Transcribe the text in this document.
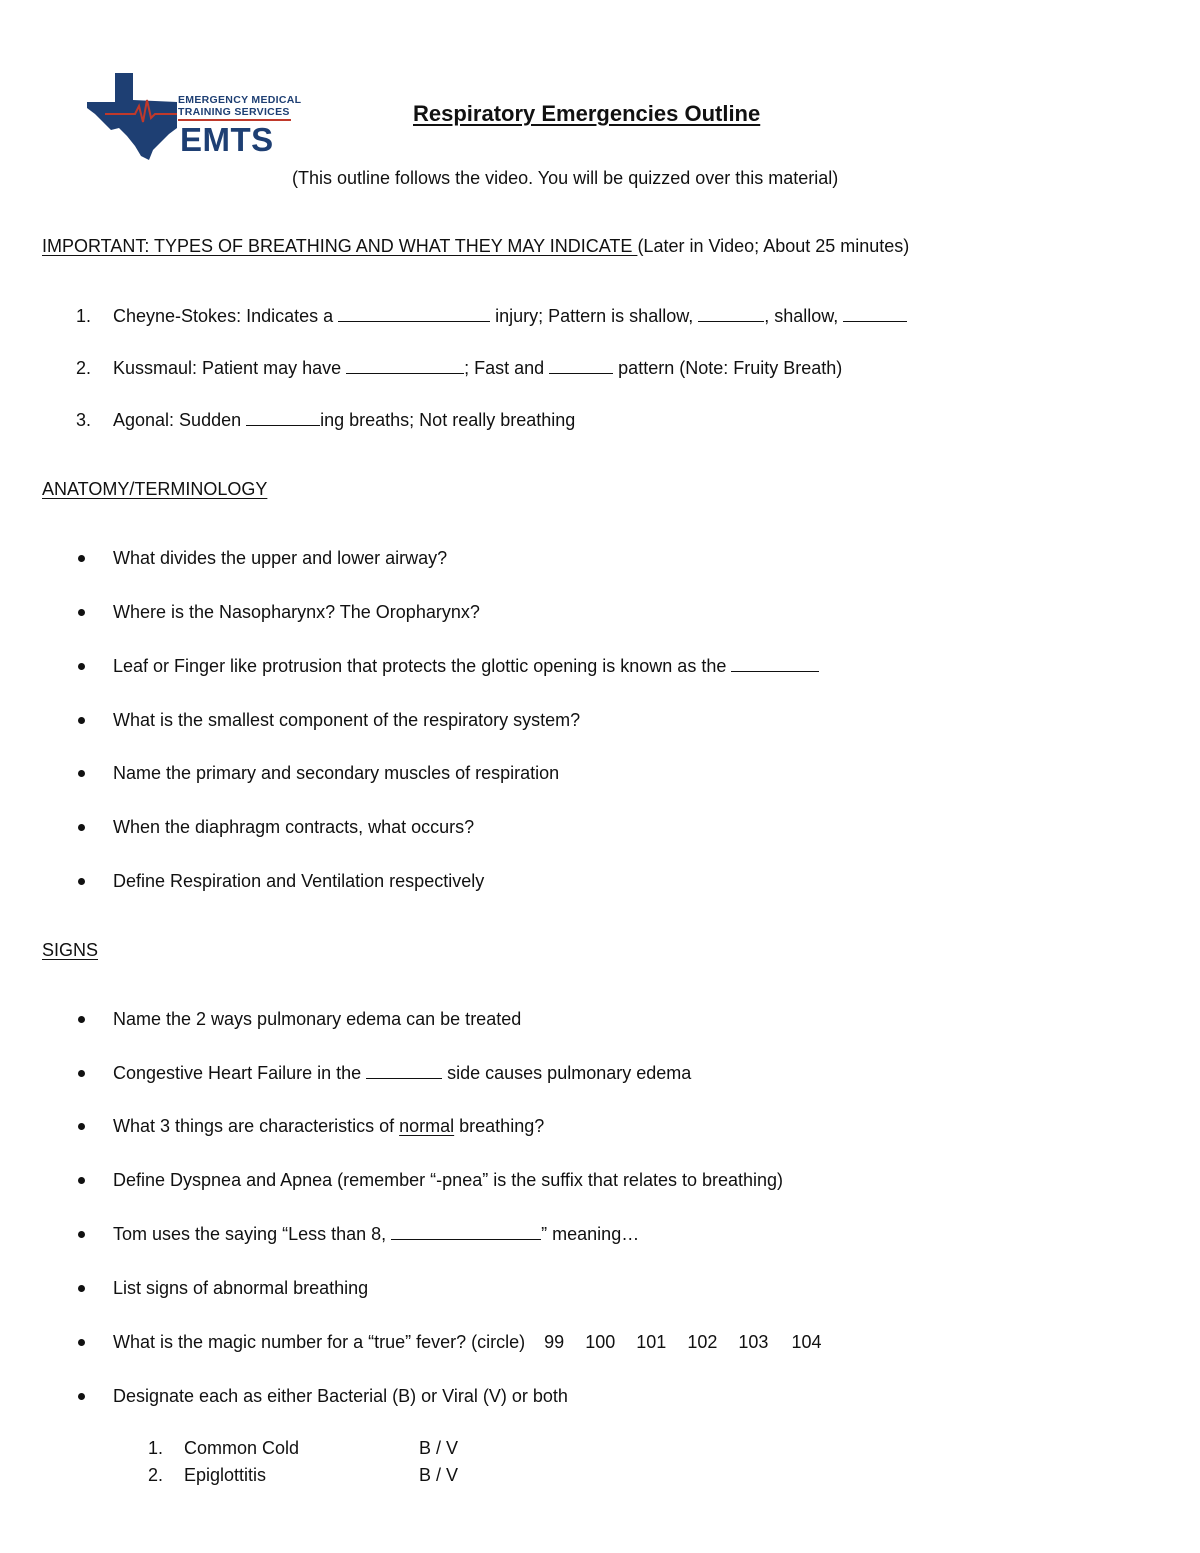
EMERGENCY MEDICAL
TRAINING SERVICES
EMTS
Respiratory Emergencies Outline
(This outline follows the video. You will be quizzed over this material)
IMPORTANT: TYPES OF BREATHING AND WHAT THEY MAY INDICATE (Later in Video; About 25 minutes)
1. Cheyne-Stokes: Indicates a	injury; Pattern is shallow,	, shallow,
2. Kussmaul: Patient may have	; Fast and	pattern (Note: Fruity Breath)
3. Agonal: Sudden	ing breaths; Not really breathing
ANATOMY/TERMINOLOGY
What divides the upper and lower airway?
Where is the Nasopharynx? The Oropharynx?
Leaf or Finger like protrusion that protects the glottic opening is known as the
What is the smallest component of the respiratory system?
Name the primary and secondary muscles of respiration
When the diaphragm contracts, what occurs?
Define Respiration and Ventilation respectively
SIGNS
Name the 2 ways pulmonary edema can be treated
Congestive Heart Failure in the	side causes pulmonary edema
What 3 things are characteristics of normal breathing?
Define Dyspnea and Apnea (remember “-pnea” is the suffix that relates to breathing)
Tom uses the saying “Less than 8,	” meaning…
List signs of abnormal breathing
What is the magic number for a “true” fever? (circle) 99 100 101 102 103 104
Designate each as either Bacterial (B) or Viral (V) or both
1. Common Cold	B / V
2. Epiglottitis	B / V
